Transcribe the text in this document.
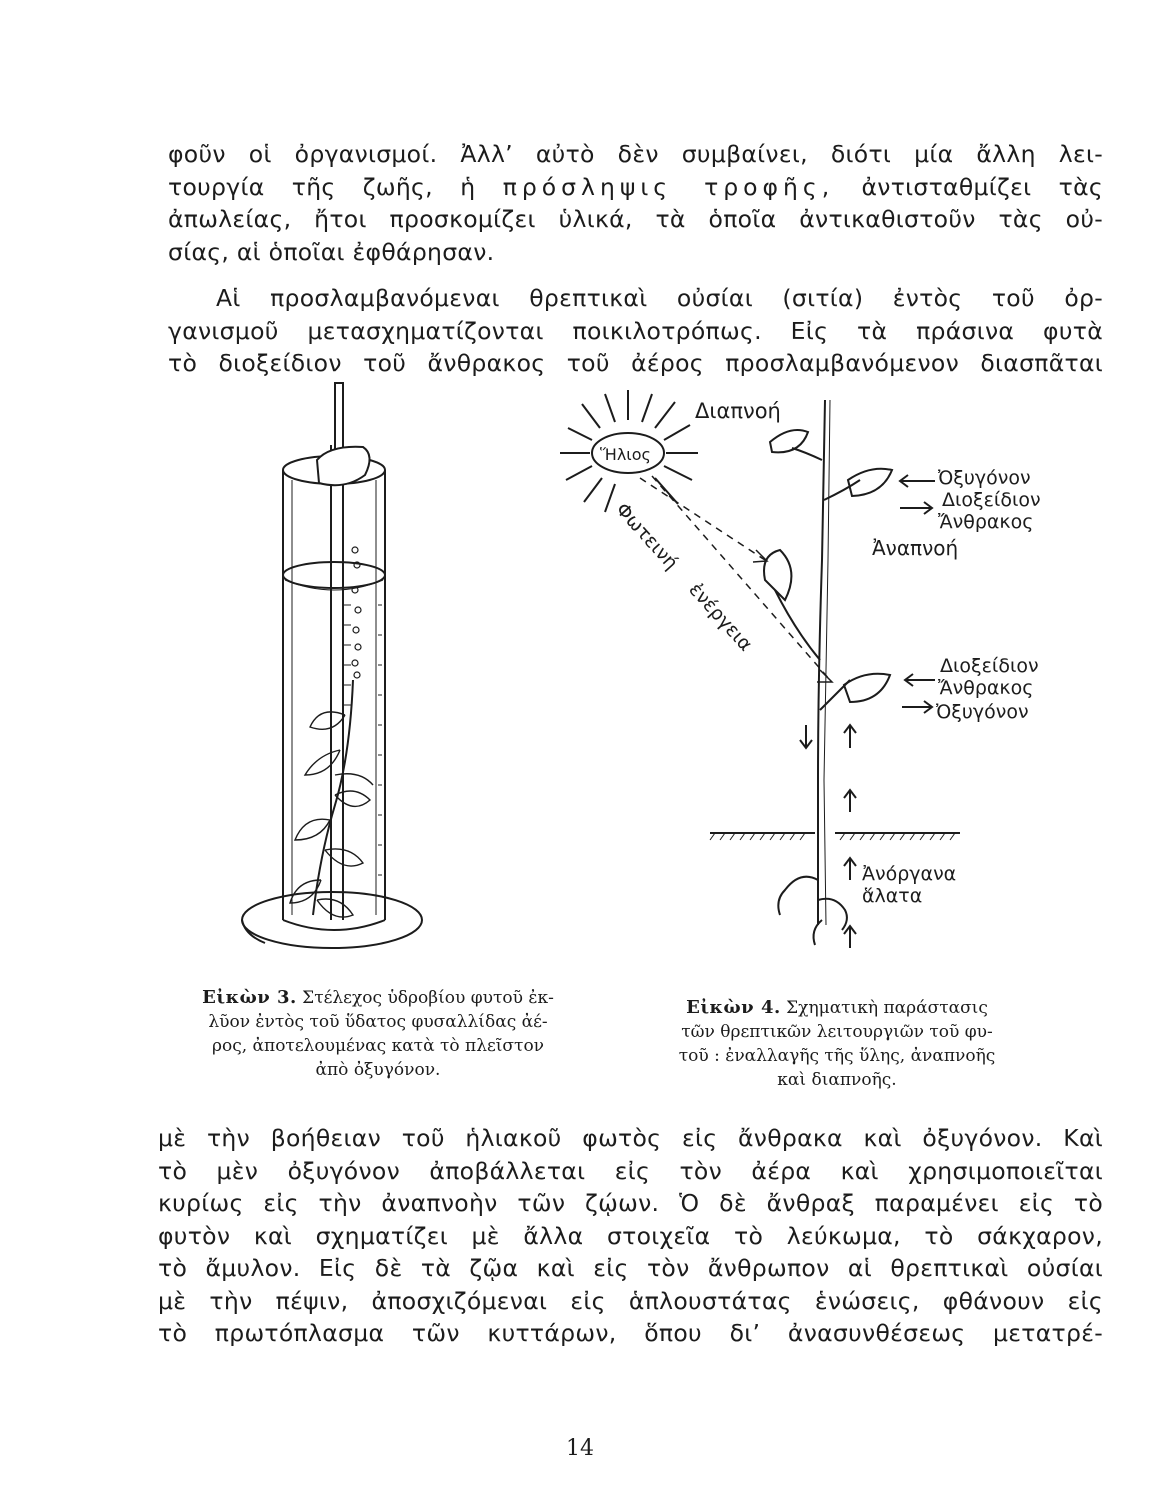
φοῦν οἱ ὀργανισμοί. Ἀλλ’ αὐτὸ δὲν συμβαίνει, διότι μία ἄλλη λει-
τουργία τῆς ζωῆς, ἡ πρόσληψις τροφῆς, ἀντισταθμίζει τὰς
ἀπωλείας, ἤτοι προσκομίζει ὑλικά, τὰ ὁποῖα ἀντικαθιστοῦν τὰς οὐ-
σίας, αἱ ὁποῖαι ἐφθάρησαν.
Αἱ προσλαμβανόμεναι θρεπτικαὶ οὐσίαι (σιτία) ἐντὸς τοῦ ὀρ-
γανισμοῦ μετασχηματίζονται ποικιλοτρόπως. Εἰς τὰ πράσινα φυτὰ
τὸ διοξείδιον τοῦ ἄνθρακος τοῦ ἀέρος προσλαμβανόμενον διασπᾶται
Ἥλιος
Διαπνοή
Ὀξυγόνον
Διοξείδιον
Ἄνθρακος
Ἀναπνοή
Φωτεινή
ἐνέργεια
Διοξείδιον
Ἄνθρακος
Ὀξυγόνον
Ἀνόργανα
ἅλατα
Εἰκὼν 3. Στέλεχος ὑδροβίου φυτοῦ ἐκ-
λῦον ἐντὸς τοῦ ὕδατος φυσαλλίδας ἀέ-
ρος, ἀποτελουμένας κατὰ τὸ πλεῖστον
ἀπὸ ὀξυγόνον.
Εἰκὼν 4. Σχηματικὴ παράστασις
τῶν θρεπτικῶν λειτουργιῶν τοῦ φυ-
τοῦ : ἐναλλαγῆς τῆς ὕλης, ἀναπνοῆς
καὶ διαπνοῆς.
μὲ τὴν βοήθειαν τοῦ ἡλιακοῦ φωτὸς εἰς ἄνθρακα καὶ ὀξυγόνον. Καὶ
τὸ μὲν ὀξυγόνον ἀποβάλλεται εἰς τὸν ἀέρα καὶ χρησιμοποιεῖται
κυρίως εἰς τὴν ἀναπνοὴν τῶν ζῴων. Ὁ δὲ ἄνθραξ παραμένει εἰς τὸ
φυτὸν καὶ σχηματίζει μὲ ἄλλα στοιχεῖα τὸ λεύκωμα, τὸ σάκχαρον,
τὸ ἄμυλον. Εἰς δὲ τὰ ζῷα καὶ εἰς τὸν ἄνθρωπον αἱ θρεπτικαὶ οὐσίαι
μὲ τὴν πέψιν, ἀποσχιζόμεναι εἰς ἁπλουστάτας ἑνώσεις, φθάνουν εἰς
τὸ πρωτόπλασμα τῶν κυττάρων, ὅπου δι’ ἀνασυνθέσεως μετατρέ-
14
